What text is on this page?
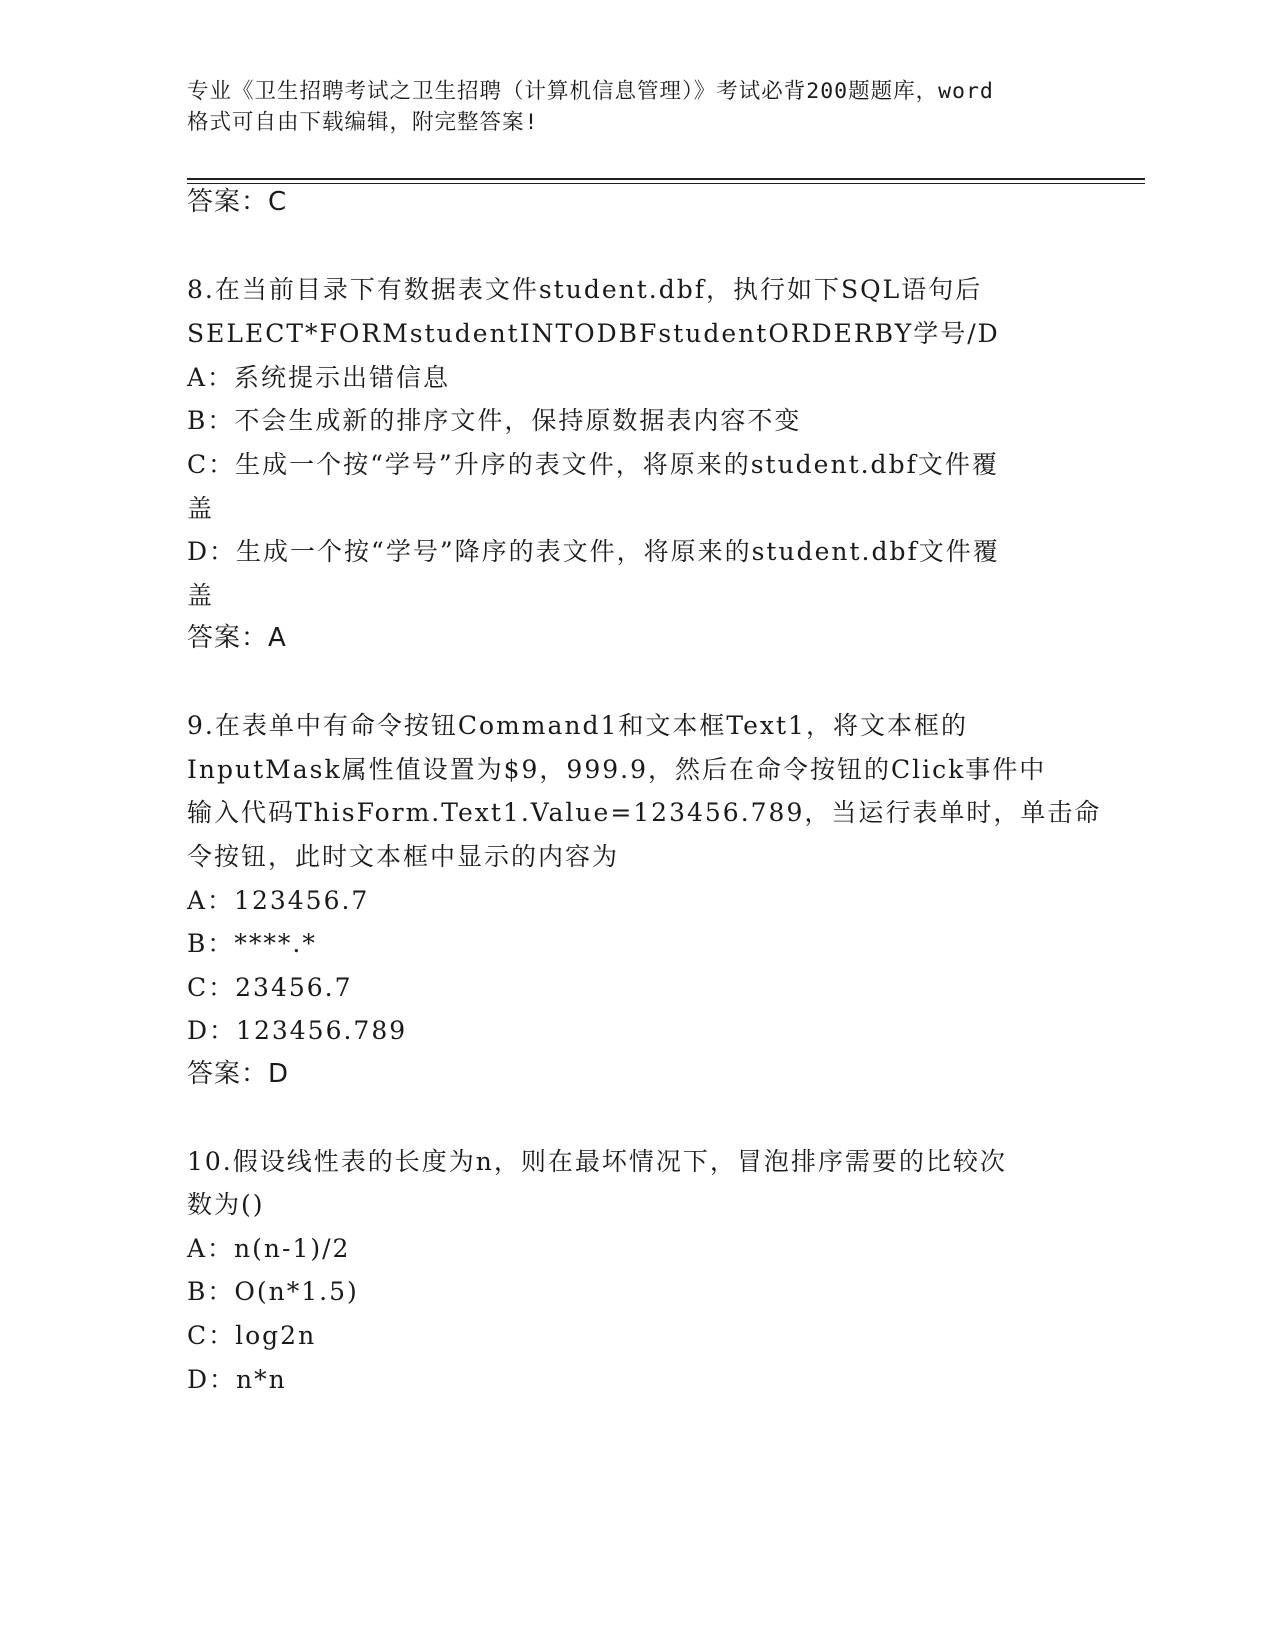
专业《卫生招聘考试之卫生招聘（计算机信息管理）》考试必背200题题库，word
格式可自由下载编辑，附完整答案!
答案：C
8.在当前目录下有数据表文件student.dbf，执行如下SQL语句后
SELECT*FORMstudentINTODBFstudentORDERBY学号/D
A：系统提示出错信息
B：不会生成新的排序文件，保持原数据表内容不变
C：生成一个按“学号”升序的表文件，将原来的student.dbf文件覆
盖
D：生成一个按“学号”降序的表文件，将原来的student.dbf文件覆
盖
答案：A
9.在表单中有命令按钮Command1和文本框Text1，将文本框的
InputMask属性值设置为$9，999.9，然后在命令按钮的Click事件中
输入代码ThisForm.Text1.Value=123456.789，当运行表单时，单击命
令按钮，此时文本框中显示的内容为
A：123456.7
B：****.*
C：23456.7
D：123456.789
答案：D
10.假设线性表的长度为n，则在最坏情况下，冒泡排序需要的比较次
数为()
A：n(n-1)/2
B：O(n*1.5)
C：log2n
D：n*n
